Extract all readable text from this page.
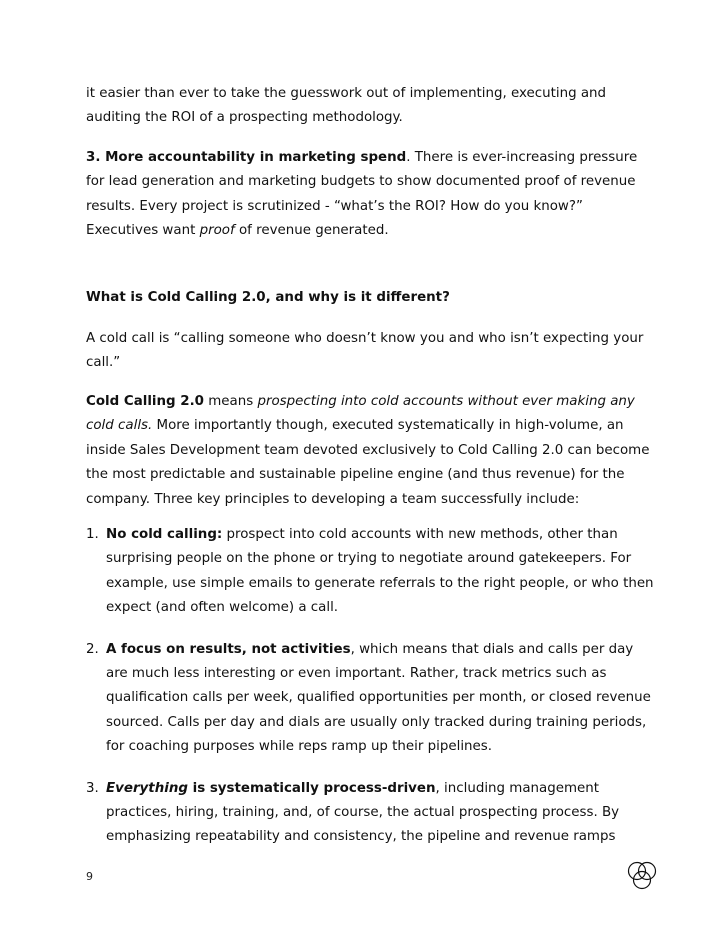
it easier than ever to take the guesswork out of implementing, executing and
auditing the ROI of a prospecting methodology.

3. More accountability in marketing spend. There is ever-increasing pressure for lead generation and marketing budgets to show documented proof of revenue results. Every project is scrutinized - “what’s the ROI? How do you know?” Executives want proof of revenue generated.

What is Cold Calling 2.0, and why is it different?

A cold call is “calling someone who doesn’t know you and who isn’t expecting your call.”

Cold Calling 2.0 means prospecting into cold accounts without ever making any cold calls. More importantly though, executed systematically in high-volume, an inside Sales Development team devoted exclusively to Cold Calling 2.0 can become the most predictable and sustainable pipeline engine (and thus revenue) for the company. Three key principles to developing a team successfully include:

1. No cold calling: prospect into cold accounts with new methods, other than surprising people on the phone or trying to negotiate around gatekeepers. For example, use simple emails to generate referrals to the right people, or who then expect (and often welcome) a call.
2. A focus on results, not activities, which means that dials and calls per day are much less interesting or even important. Rather, track metrics such as qualification calls per week, qualified opportunities per month, or closed revenue sourced. Calls per day and dials are usually only tracked during training periods, for coaching purposes while reps ramp up their pipelines.
3. Everything is systematically process-driven, including management practices, hiring, training, and, of course, the actual prospecting process. By emphasizing repeatability and consistency, the pipeline and revenue ramps
9
